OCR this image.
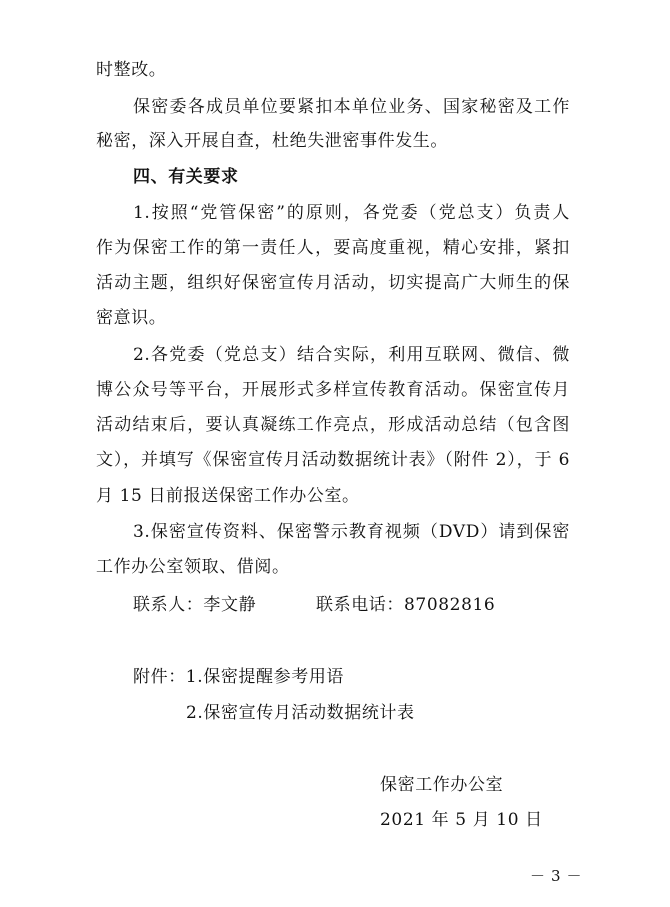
时整改。
保密委各成员单位要紧扣本单位业务、国家秘密及工作
秘密，深入开展自查，杜绝失泄密事件发生。
四、有关要求
1.按照“党管保密”的原则，各党委（党总支）负责人
作为保密工作的第一责任人，要高度重视，精心安排，紧扣
活动主题，组织好保密宣传月活动，切实提高广大师生的保
密意识。
2.各党委（党总支）结合实际，利用互联网、微信、微
博公众号等平台，开展形式多样宣传教育活动。保密宣传月
活动结束后，要认真凝练工作亮点，形成活动总结（包含图
文），并填写《保密宣传月活动数据统计表》（附件 2），于 6
月 15 日前报送保密工作办公室。
3.保密宣传资料、保密警示教育视频（DVD）请到保密
工作办公室领取、借阅。
联系人：李文静	联系电话：87082816
附件：1.保密提醒参考用语
2.保密宣传月活动数据统计表
保密工作办公室
2021 年 5 月 10 日
－ 3 －
